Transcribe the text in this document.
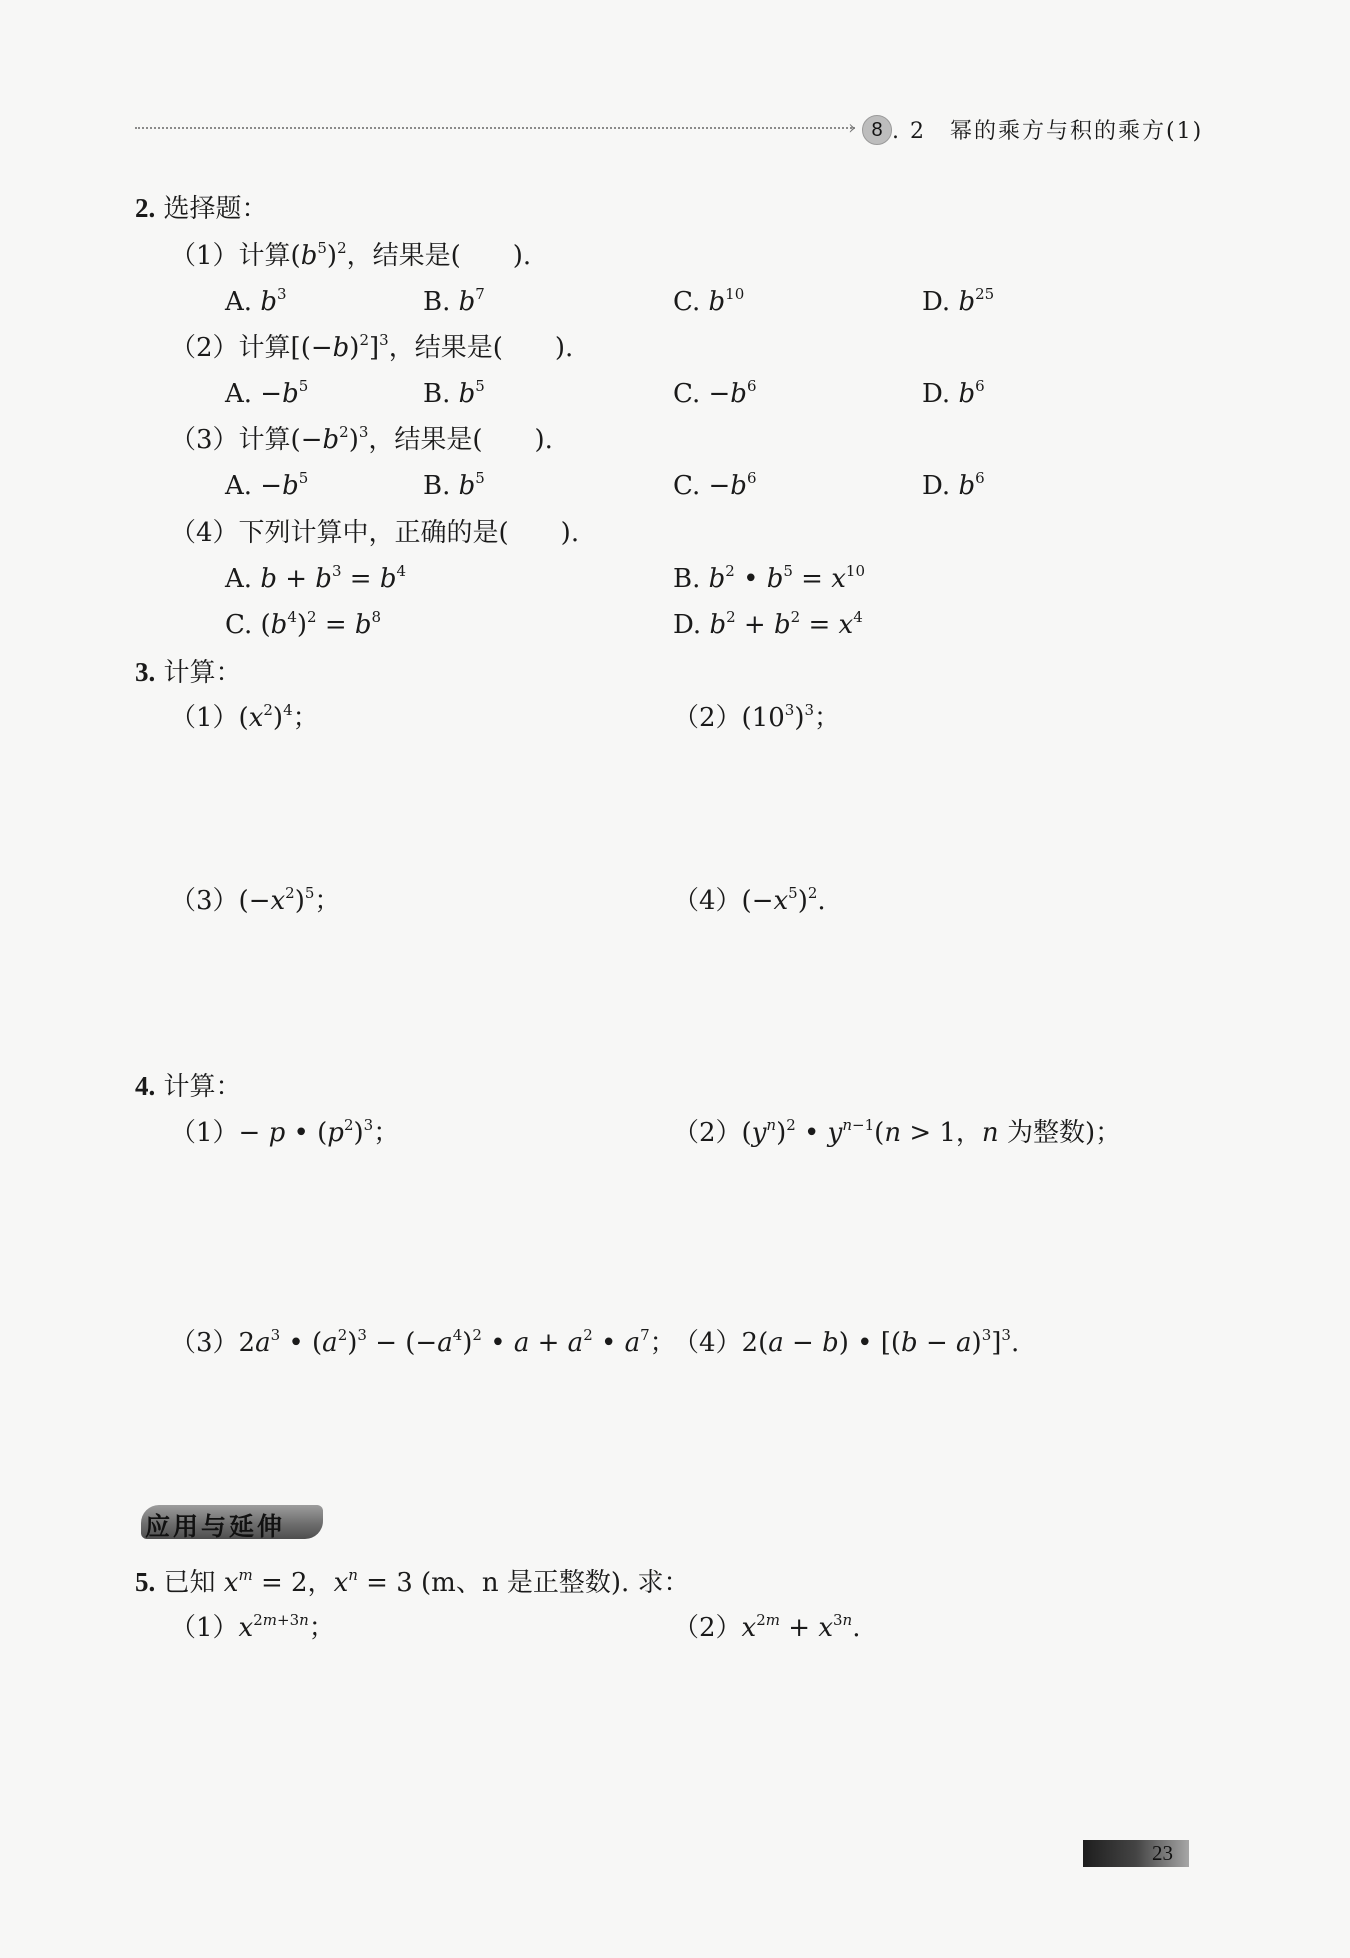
› 8 . 2　 幂的乘方与积的乘方(1)
2. 选择题：
（1）计算$(b^5)^2$，结果是(　　).
A. $b^3$	B. $b^7$	C. $b^{10}$	D. $b^{25}$
（2）计算$[(-b)^2]^3$，结果是(　　).
A. $-b^5$	B. $b^5$	C. $-b^6$	D. $b^6$
（3）计算$(-b^2)^3$，结果是(　　).
A. $-b^5$	B. $b^5$	C. $-b^6$	D. $b^6$
（4）下列计算中，正确的是(　　).
A. $b + b^3 = b^4$	B. $b^2$ • $b^5 = x^{10}$
C. $(b^4)^2 = b^8$	D. $b^2 + b^2 = x^4$
3. 计算：
$(1)(x^2)^4$；	$(2)(10^3)^3$；
$(3)(-x^2)^5$；	$(4)(-x^5)^2$.
4. 计算：
（1）− p • $(p^2)^3$；	$(2)(y^n)^2$ • $y^{n-1}(n > 1$，n 为整数)；
$(3)2a^3$ • $(a^2)^3 - (-a^4)^2$ • $a + a^2$ • $a^7$；
（4）2(a − b) • $[(b - a)^3]^3$.
应用与延伸
5. 已知 $x^m = 2$，$x^n = 3$ (m、n 是正整数). 求：
$(1)x^{2m+3n}$；	$(2)x^{2m} + x^{3n}$.
23
